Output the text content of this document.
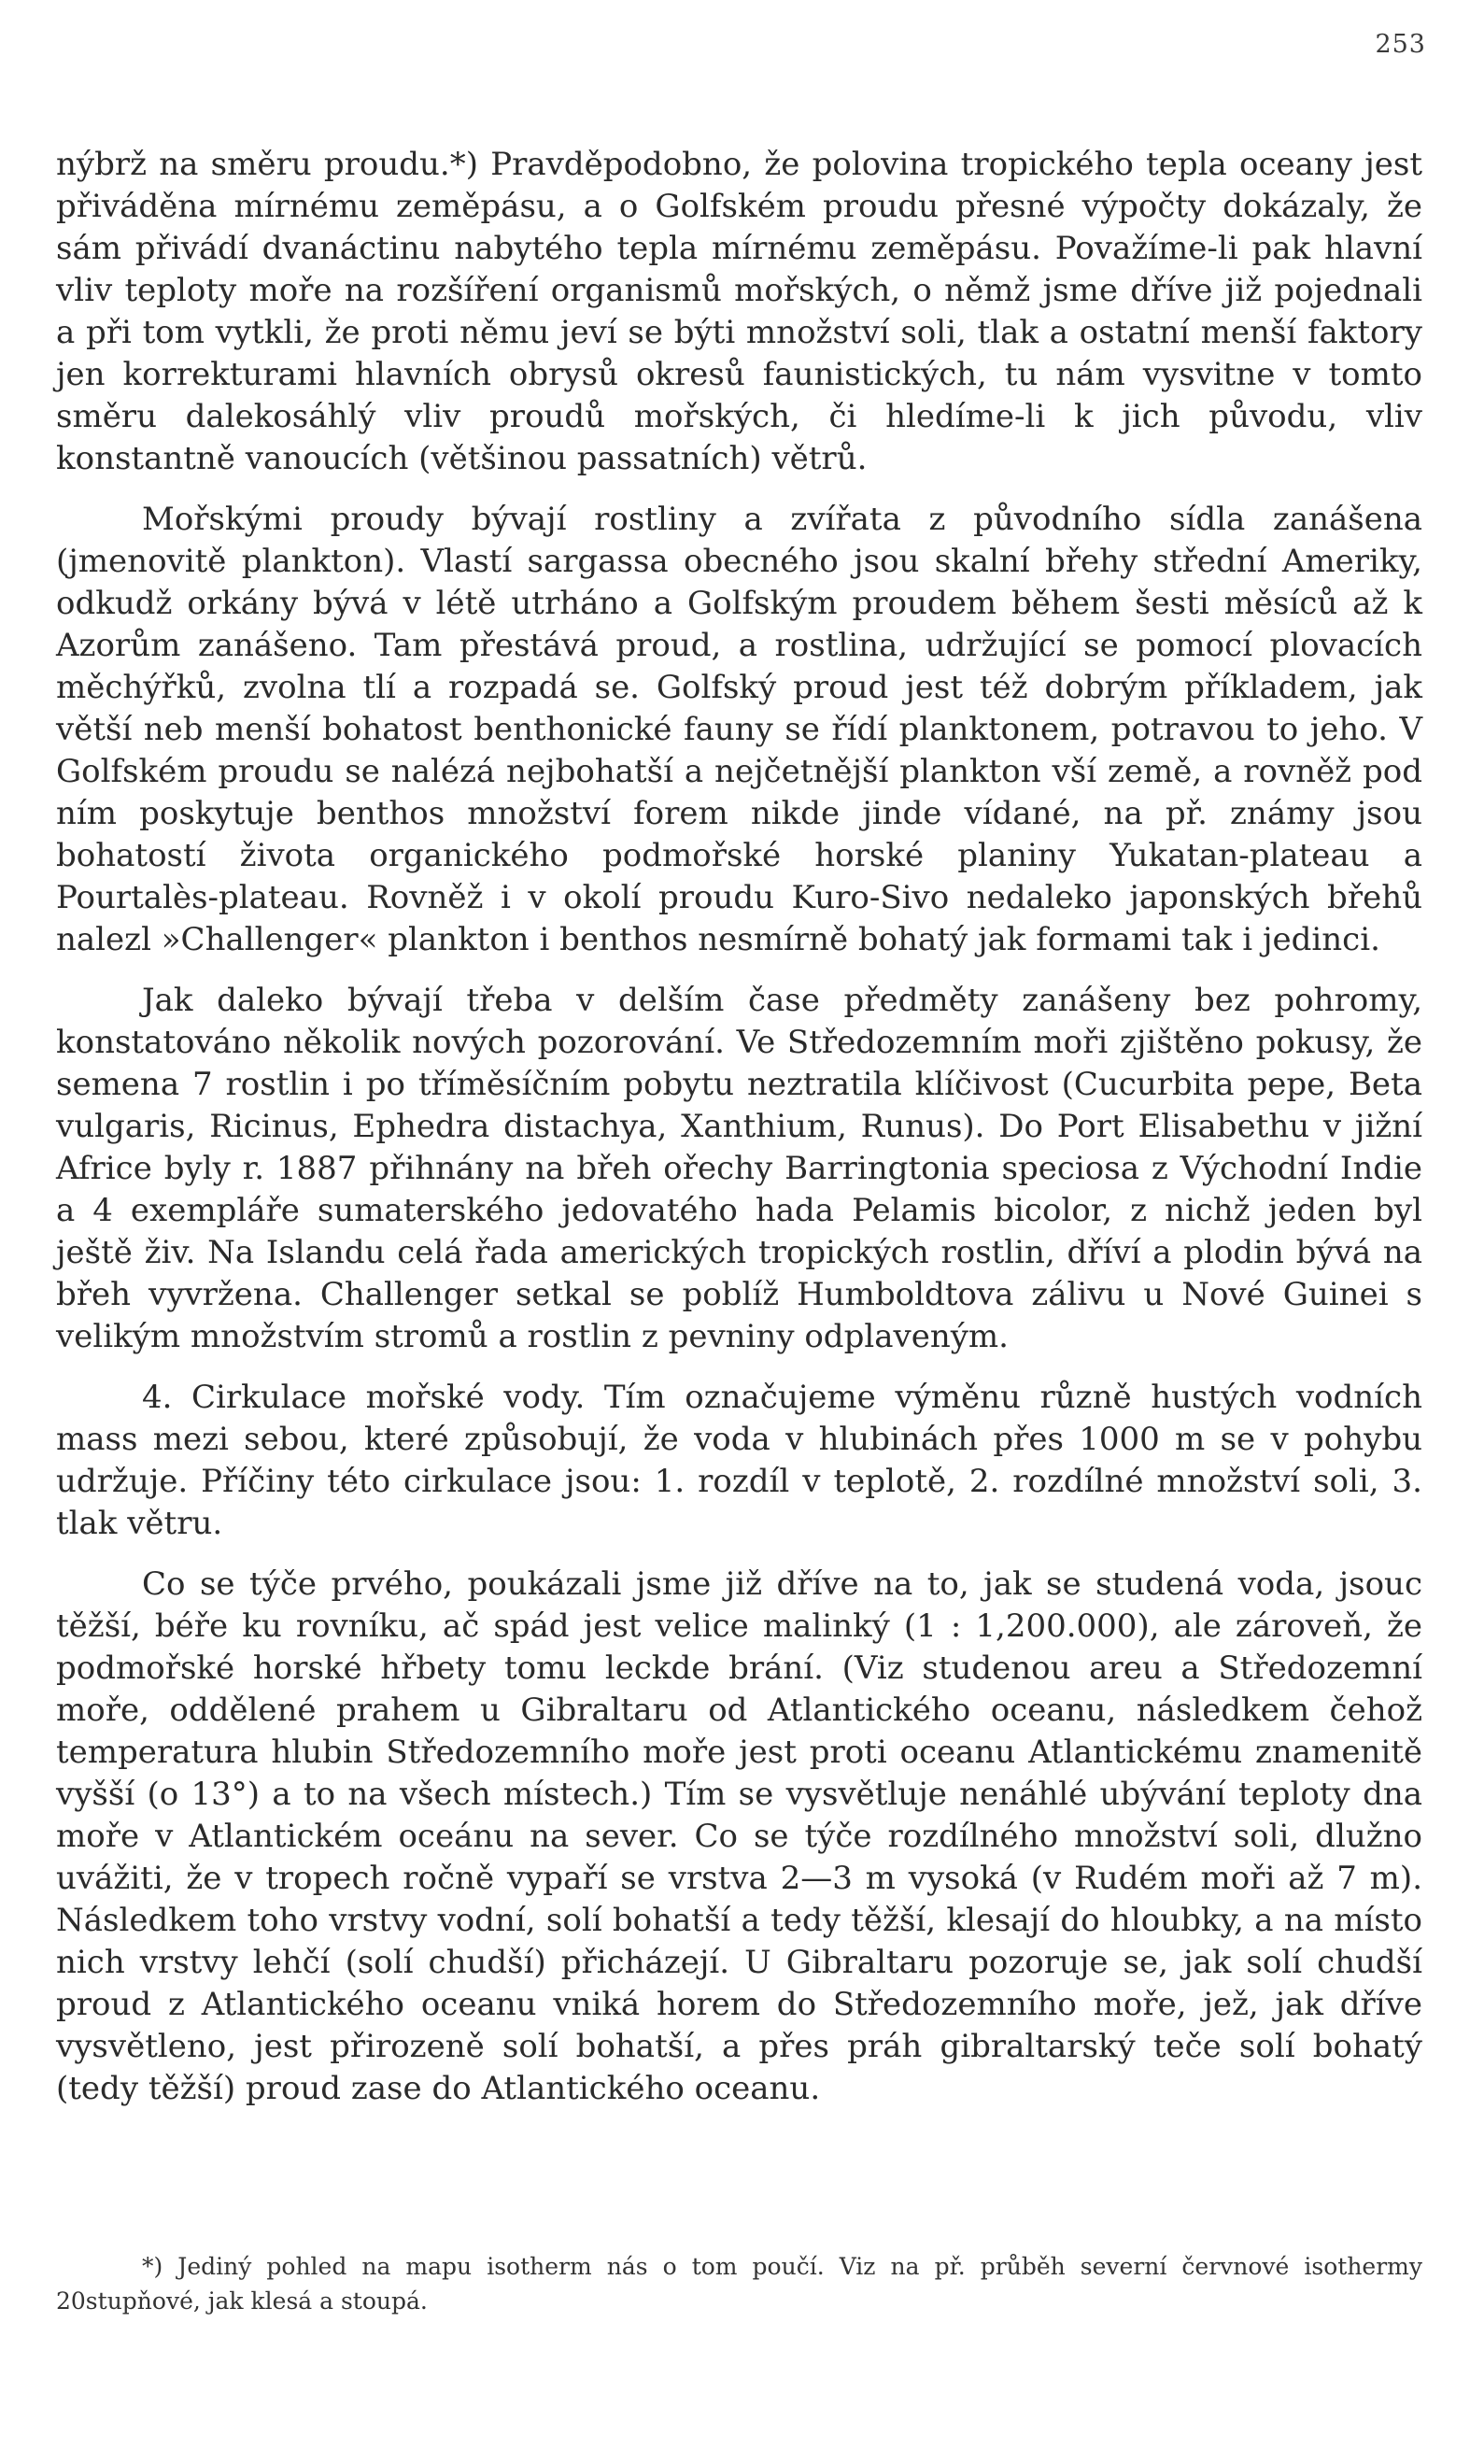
253

nýbrž na směru proudu.*) Pravděpodobno, že polovina tropického tepla oceany jest přiváděna mírnému zeměpásu, a o Golfském proudu přesné výpočty dokázaly, že sám přivádí dvanáctinu nabytého tepla mírnému zeměpásu. Považíme-li pak hlavní vliv teploty moře na rozšíření organismů mořských, o němž jsme dříve již pojednali a při tom vytkli, že proti němu jeví se býti množství soli, tlak a ostatní menší faktory jen korrekturami hlavních obrysů okresů faunistických, tu nám vysvitne v tomto směru dalekosáhlý vliv proudů mořských, či hledíme-li k jich původu, vliv konstantně vanoucích (většinou passatních) větrů.

Mořskými proudy bývají rostliny a zvířata z původního sídla zanášena (jmenovitě plankton). Vlastí sargassa obecného jsou skalní břehy střední Ameriky, odkudž orkány bývá v létě utrháno a Golfským proudem během šesti měsíců až k Azorům zanášeno. Tam přestává proud, a rostlina, udržující se pomocí plovacích měchýřků, zvolna tlí a rozpadá se. Golfský proud jest též dobrým příkladem, jak větší neb menší bohatost benthonické fauny se řídí planktonem, potravou to jeho. V Golfském proudu se nalézá nejbohatší a nejčetnější plankton vší země, a rovněž pod ním poskytuje benthos množství forem nikde jinde vídané, na př. známy jsou bohatostí života organického podmořské horské planiny Yukatan-plateau a Pourtalès-plateau. Rovněž i v okolí proudu Kuro-Sivo nedaleko japonských břehů nalezl »Challenger« plankton i benthos nesmírně bohatý jak formami tak i jedinci.

Jak daleko bývají třeba v delším čase předměty zanášeny bez pohromy, konstatováno několik nových pozorování. Ve Středozemním moři zjištěno pokusy, že semena 7 rostlin i po tříměsíčním pobytu neztratila klíčivost (Cucurbita pepe, Beta vulgaris, Ricinus, Ephedra distachya, Xanthium, Runus). Do Port Elisabethu v jižní Africe byly r. 1887 přihnány na břeh ořechy Barringtonia speciosa z Východní Indie a 4 exempláře sumaterského jedovatého hada Pelamis bicolor, z nichž jeden byl ještě živ. Na Islandu celá řada amerických tropických rostlin, dříví a plodin bývá na břeh vyvržena. Challenger setkal se poblíž Humboldtova zálivu u Nové Guinei s velikým množstvím stromů a rostlin z pevniny odplaveným.

4. Cirkulace mořské vody. Tím označujeme výměnu různě hustých vodních mass mezi sebou, které způsobují, že voda v hlubinách přes 1000 m se v pohybu udržuje. Příčiny této cirkulace jsou: 1. rozdíl v teplotě, 2. rozdílné množství soli, 3. tlak větru.

Co se týče prvého, poukázali jsme již dříve na to, jak se studená voda, jsouc těžší, béře ku rovníku, ač spád jest velice malinký (1 : 1,200.000), ale zároveň, že podmořské horské hřbety tomu leckde brání. (Viz studenou areu a Středozemní moře, oddělené prahem u Gibraltaru od Atlantického oceanu, následkem čehož temperatura hlubin Středozemního moře jest proti oceanu Atlantickému znamenitě vyšší (o 13°) a to na všech místech.) Tím se vysvětluje nenáhlé ubývání teploty dna moře v Atlantickém oceánu na sever. Co se týče rozdílného množství soli, dlužno uvážiti, že v tropech ročně vypaří se vrstva 2—3 m vysoká (v Rudém moři až 7 m). Následkem toho vrstvy vodní, solí bohatší a tedy těžší, klesají do hloubky, a na místo nich vrstvy lehčí (solí chudší) přicházejí. U Gibraltaru pozoruje se, jak solí chudší proud z Atlantického oceanu vniká horem do Středozemního moře, jež, jak dříve vysvětleno, jest přirozeně solí bohatší, a přes práh gibraltarský teče solí bohatý (tedy těžší) proud zase do Atlantického oceanu.

*) Jediný pohled na mapu isotherm nás o tom poučí. Viz na př. průběh severní červnové isothermy 20stupňové, jak klesá a stoupá.
